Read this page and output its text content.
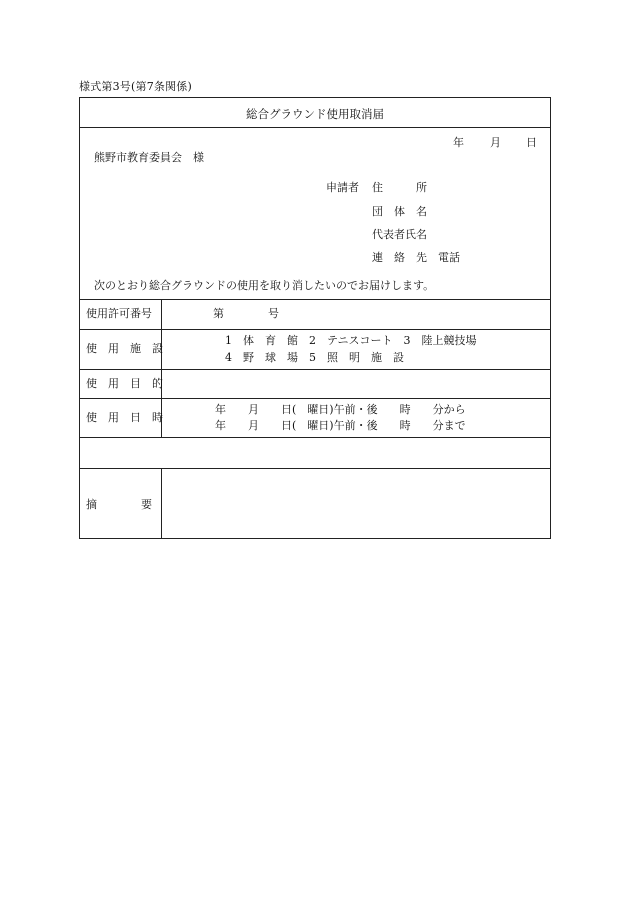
様式第3号(第7条関係)
総合グラウンド使用取消届
年 月 日
熊野市教育委員会　様
申請者 住　　　所
団　体　名
代表者氏名
連　絡　先　電話
次のとおり総合グラウンドの使用を取り消したいのでお届けします。
使用許可番号	第　　　　号
使　用　施　設
1　体　育　館　2　テニスコート　3　陸上競技場
4　野　球　場　5　照　明　施　設
使　用　目　的
使　用　日　時
年　　月　　日(　曜日)午前・後　　時　　分から
年　　月　　日(　曜日)午前・後　　時　　分まで
摘　　　　要
